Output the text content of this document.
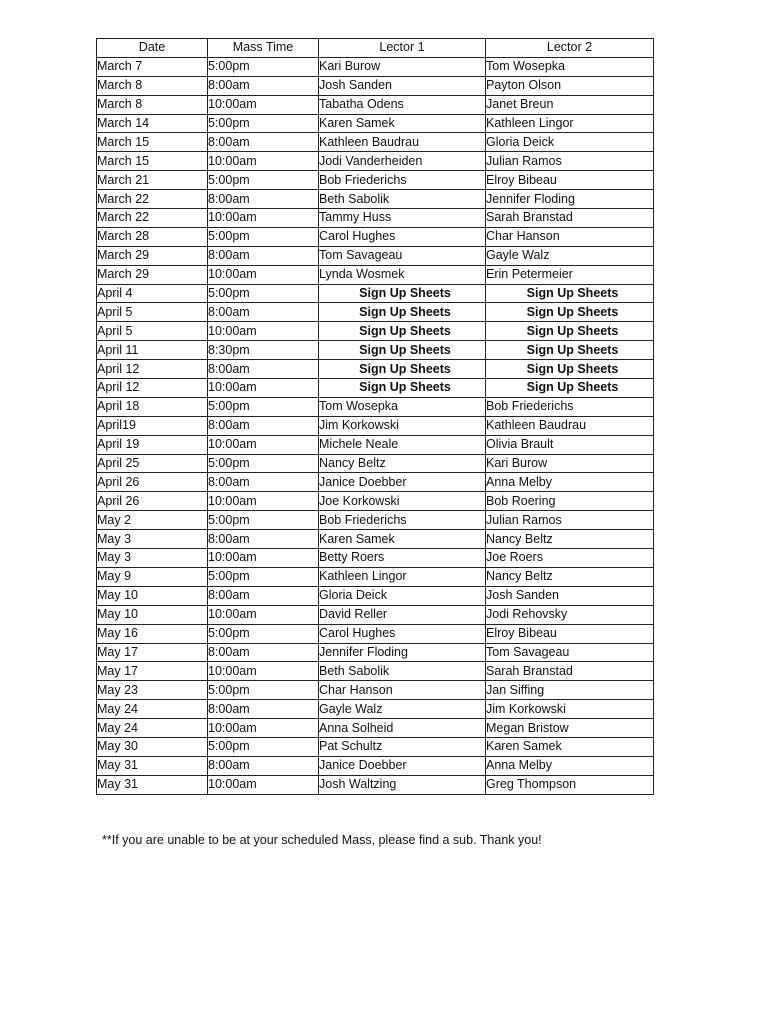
Date	Mass Time	Lector 1	Lector 2
March 7	5:00pm	Kari Burow	Tom Wosepka
March 8	8:00am	Josh Sanden	Payton Olson
March 8	10:00am	Tabatha Odens	Janet Breun
March 14	5:00pm	Karen Samek	Kathleen Lingor
March 15	8:00am	Kathleen Baudrau	Gloria Deick
March 15	10:00am	Jodi Vanderheiden	Julian Ramos
March 21	5:00pm	Bob Friederichs	Elroy Bibeau
March 22	8:00am	Beth Sabolik	Jennifer Floding
March 22	10:00am	Tammy Huss	Sarah Branstad
March 28	5:00pm	Carol Hughes	Char Hanson
March 29	8:00am	Tom Savageau	Gayle Walz
March 29	10:00am	Lynda Wosmek	Erin Petermeier
April 4	5:00pm	Sign Up Sheets	Sign Up Sheets
April 5	8:00am	Sign Up Sheets	Sign Up Sheets
April 5	10:00am	Sign Up Sheets	Sign Up Sheets
April 11	8:30pm	Sign Up Sheets	Sign Up Sheets
April 12	8:00am	Sign Up Sheets	Sign Up Sheets
April 12	10:00am	Sign Up Sheets	Sign Up Sheets
April 18	5:00pm	Tom Wosepka	Bob Friederichs
April19	8:00am	Jim Korkowski	Kathleen Baudrau
April 19	10:00am	Michele Neale	Olivia Brault
April 25	5:00pm	Nancy Beltz	Kari Burow
April 26	8:00am	Janice Doebber	Anna Melby
April 26	10:00am	Joe Korkowski	Bob Roering
May 2	5:00pm	Bob Friederichs	Julian Ramos
May 3	8:00am	Karen Samek	Nancy Beltz
May 3	10:00am	Betty Roers	Joe Roers
May 9	5:00pm	Kathleen Lingor	Nancy Beltz
May 10	8:00am	Gloria Deick	Josh Sanden
May 10	10:00am	David Reller	Jodi Rehovsky
May 16	5:00pm	Carol Hughes	Elroy Bibeau
May 17	8:00am	Jennifer Floding	Tom Savageau
May 17	10:00am	Beth Sabolik	Sarah Branstad
May 23	5:00pm	Char Hanson	Jan Siffing
May 24	8:00am	Gayle Walz	Jim Korkowski
May 24	10:00am	Anna Solheid	Megan Bristow
May 30	5:00pm	Pat Schultz	Karen Samek
May 31	8:00am	Janice Doebber	Anna Melby
May 31	10:00am	Josh Waltzing	Greg Thompson

**If you are unable to be at your scheduled Mass, please find a sub. Thank you!
